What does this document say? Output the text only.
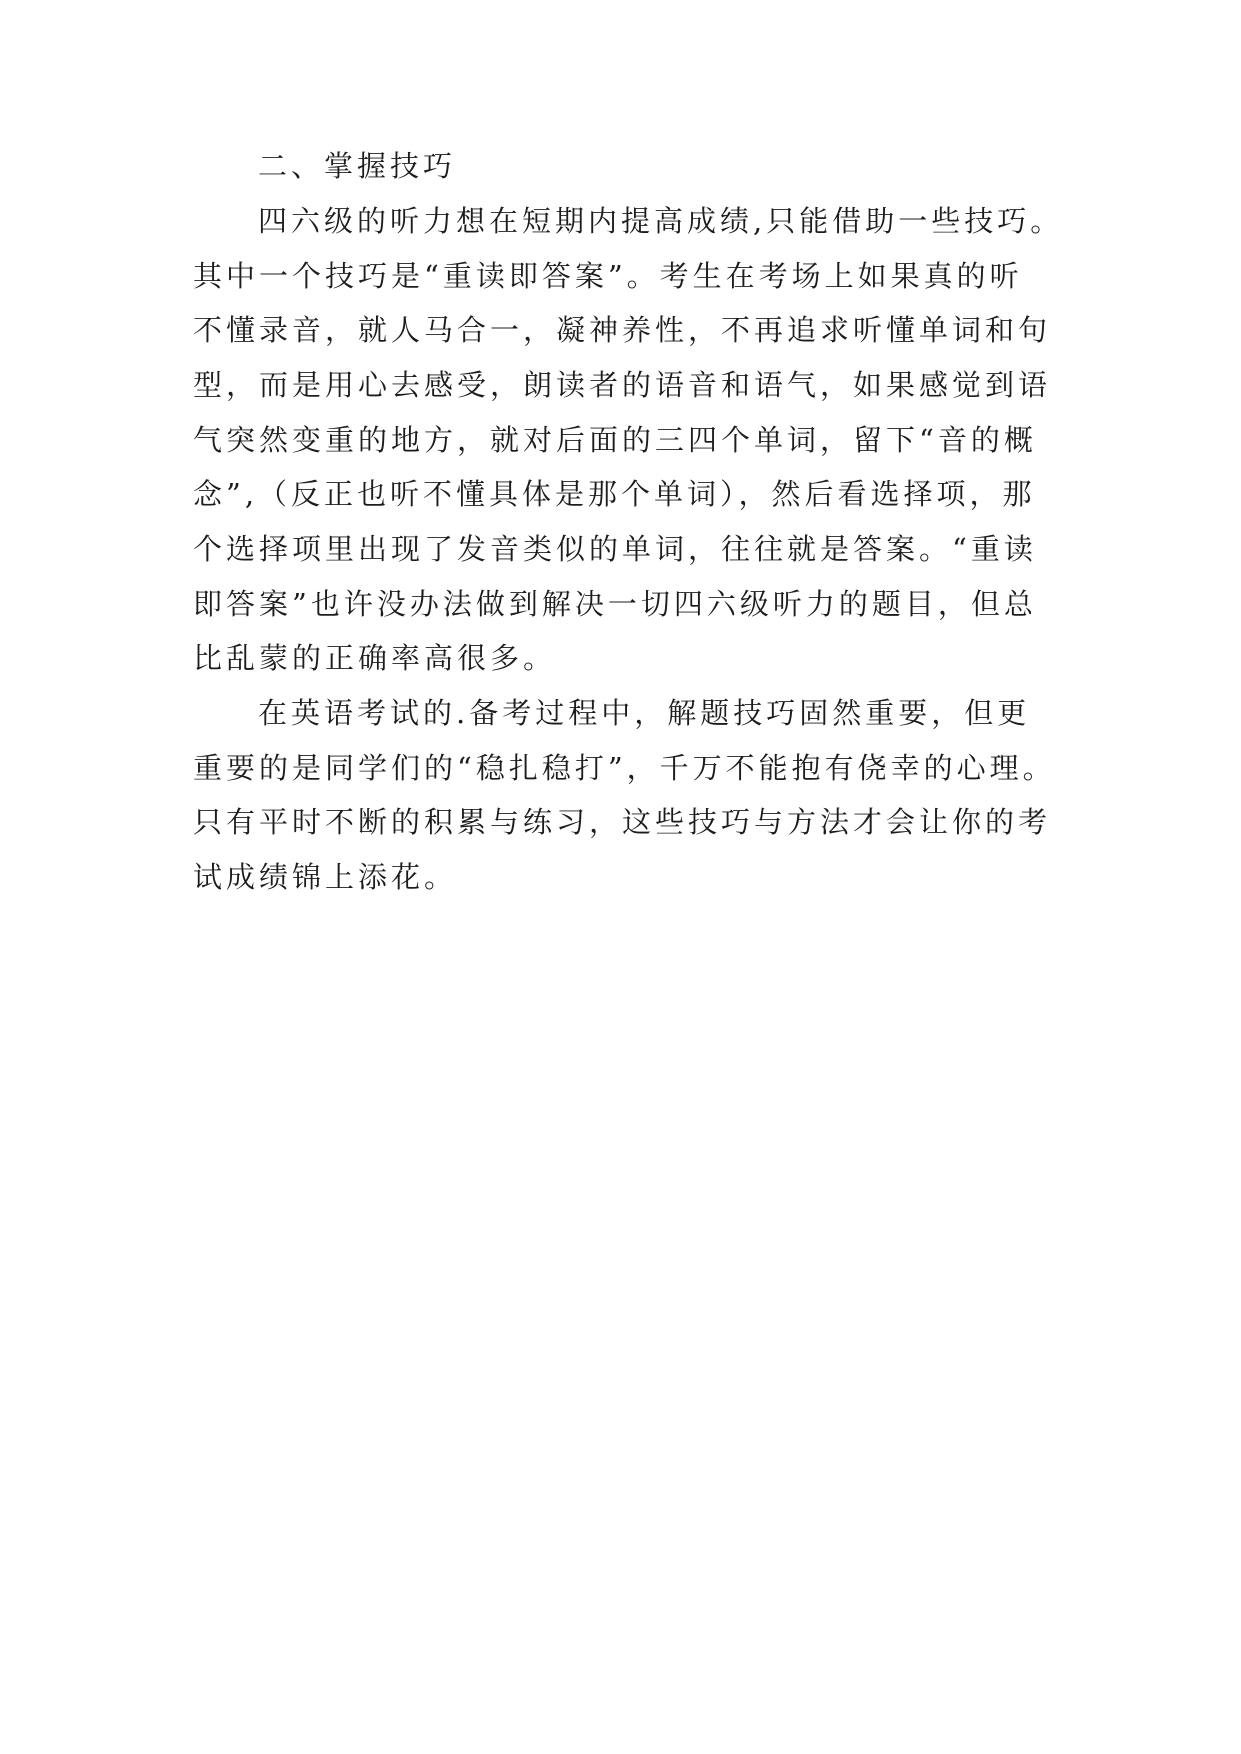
二、掌握技巧
四六级的听力想在短期内提高成绩,只能借助一些技巧。
其中一个技巧是“重读即答案”。考生在考场上如果真的听
不懂录音，就人马合一，凝神养性，不再追求听懂单词和句
型，而是用心去感受，朗读者的语音和语气，如果感觉到语
气突然变重的地方，就对后面的三四个单词，留下“音的概
念”,（反正也听不懂具体是那个单词），然后看选择项，那
个选择项里出现了发音类似的单词，往往就是答案。“重读
即答案”也许没办法做到解决一切四六级听力的题目，但总
比乱蒙的正确率高很多。
在英语考试的.备考过程中，解题技巧固然重要，但更
重要的是同学们的“稳扎稳打”，千万不能抱有侥幸的心理。
只有平时不断的积累与练习，这些技巧与方法才会让你的考
试成绩锦上添花。
